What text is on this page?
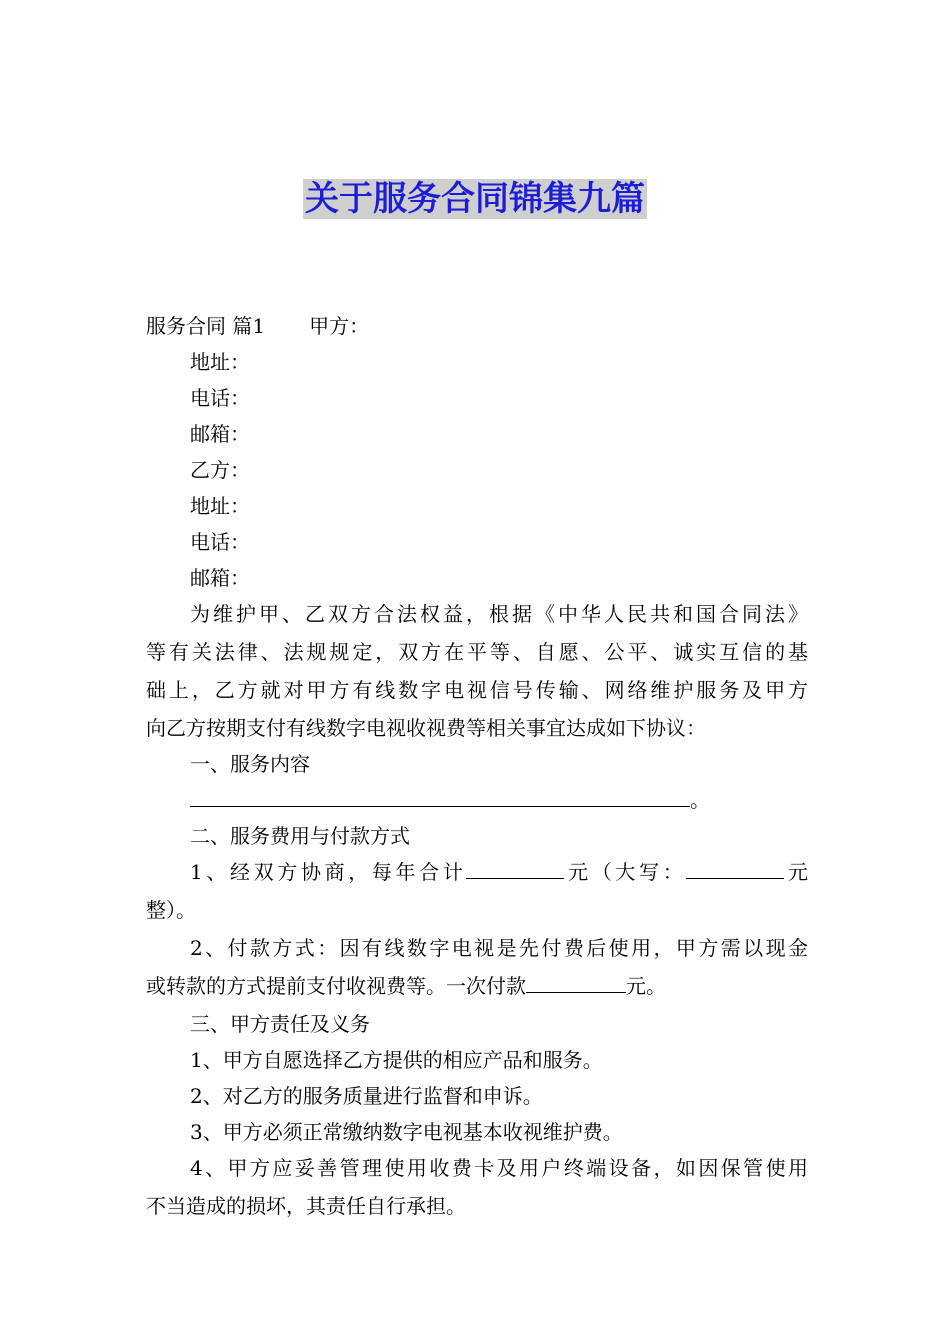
关于服务合同锦集九篇
服务合同 篇1 甲方：
地址：
电话：
邮箱：
乙方：
地址：
电话：
邮箱：
为维护甲、乙双方合法权益，根据《中华人民共和国合同法》
等有关法律、法规规定，双方在平等、自愿、公平、诚实互信的基
础上，乙方就对甲方有线数字电视信号传输、网络维护服务及甲方
向乙方按期支付有线数字电视收视费等相关事宜达成如下协议：
一、服务内容
。
二、服务费用与付款方式
1、经双方协商，每年合计	元（大写：	元
整）。
2、付款方式：因有线数字电视是先付费后使用，甲方需以现金
或转款的方式提前支付收视费等。一次付款	元。
三、甲方责任及义务
1、甲方自愿选择乙方提供的相应产品和服务。
2、对乙方的服务质量进行监督和申诉。
3、甲方必须正常缴纳数字电视基本收视维护费。
4、甲方应妥善管理使用收费卡及用户终端设备，如因保管使用
不当造成的损坏，其责任自行承担。
